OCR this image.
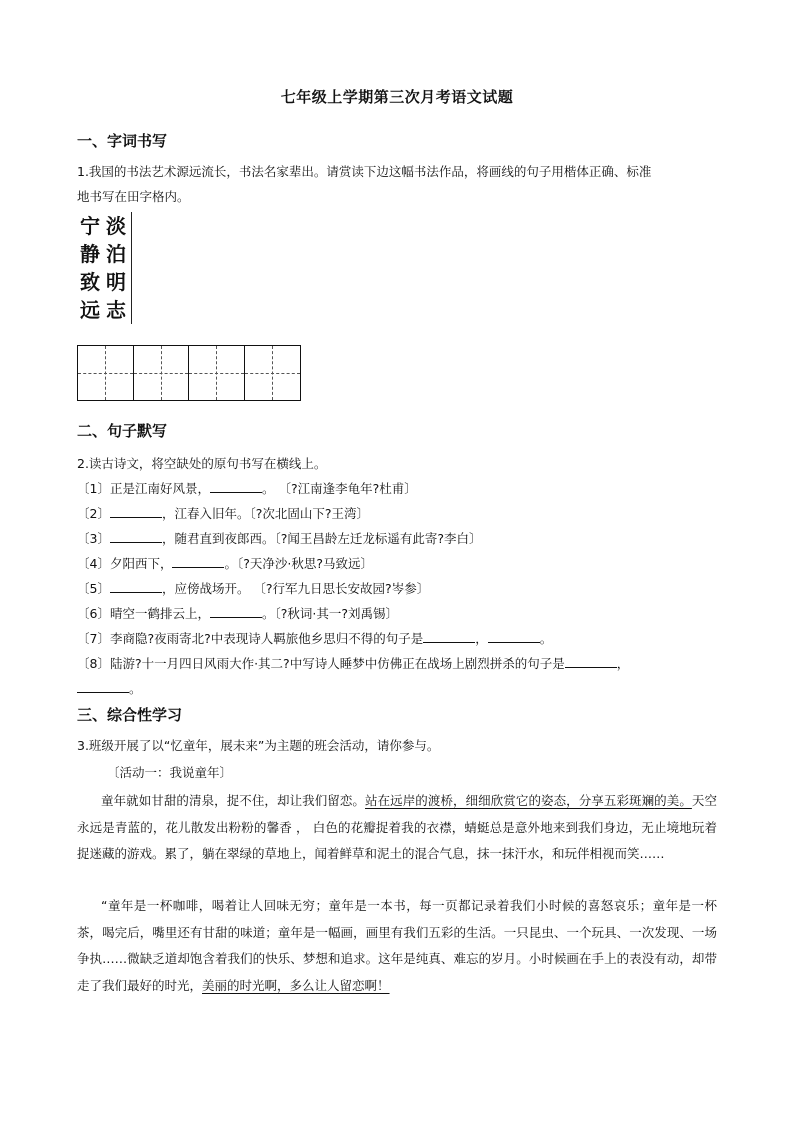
七年级上学期第三次月考语文试题
一、字词书写
1.我国的书法艺术源远流长，书法名家辈出。请赏读下边这幅书法作品，将画线的句子用楷体正确、标准
地书写在田字格内。
宁
静
致
远
淡
泊
明
志
二、句子默写
2.读古诗文，将空缺处的原句书写在横线上。
〔1〕正是江南好风景，	。 〔?江南逢李龟年?杜甫〕
〔2〕	，江春入旧年。〔?次北固山下?王湾〕
〔3〕	，随君直到夜郎西。〔?闻王昌龄左迁龙标遥有此寄?李白〕
〔4〕夕阳西下，	。〔?天净沙·秋思?马致远〕
〔5〕	，应傍战场开。 〔?行军九日思长安故园?岑参〕
〔6〕晴空一鹤排云上，	。〔?秋词·其一?刘禹锡〕
〔7〕李商隐?夜雨寄北?中表现诗人羁旅他乡思归不得的句子是	，	。
〔8〕陆游?十一月四日风雨大作·其二?中写诗人睡梦中仿佛正在战场上剧烈拼杀的句子是	，
。
三、综合性学习
3.班级开展了以“忆童年，展未来”为主题的班会活动，请你参与。
〔活动一：我说童年〕
童年就如甘甜的清泉，捉不住，却让我们留恋。站在远岸的渡桥，细细欣赏它的姿态，分享五彩斑斓的美。天空永远是青蓝的，花儿散发出粉粉的馨香 ， 白色的花瓣捉着我的衣襟，蜻蜓总是意外地来到我们身边，无止境地玩着捉迷藏的游戏。累了，躺在翠绿的草地上，闻着鲜草和泥土的混合气息，抹一抹汗水，和玩伴相视而笑……
“童年是一杯咖啡，喝着让人回味无穷；童年是一本书，每一页都记录着我们小时候的喜怒哀乐；童年是一杯茶，喝完后，嘴里还有甘甜的味道；童年是一幅画，画里有我们五彩的生活。一只昆虫、一个玩具、一次发现、一场争执……微缺乏道却饱含着我们的快乐、梦想和追求。这年是纯真、难忘的岁月。小时候画在手上的表没有动，却带走了我们最好的时光，美丽的时光啊，多么让人留恋啊！
